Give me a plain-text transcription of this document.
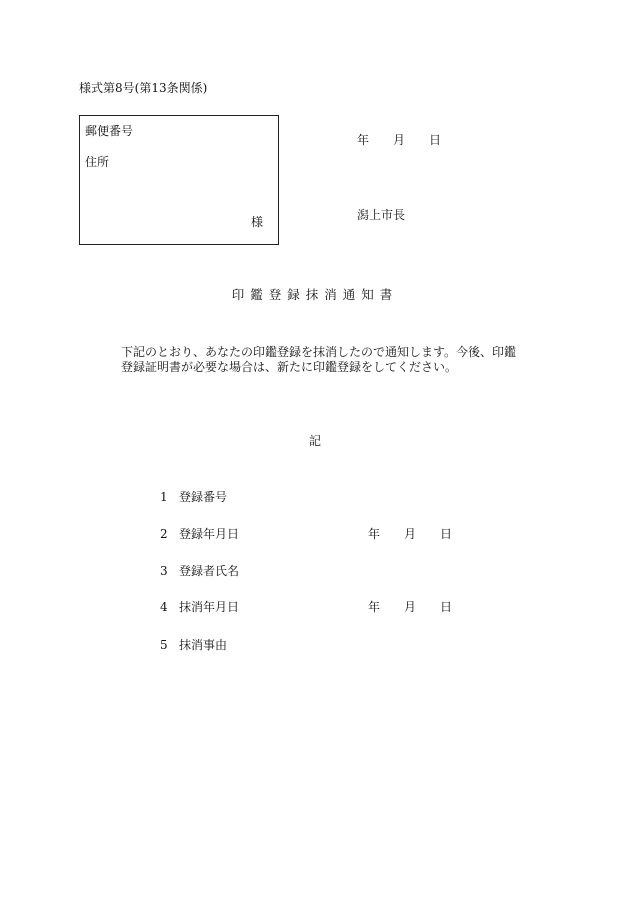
様式第8号(第13条関係)
郵便番号
住所
様
年 月 日
潟上市長
印鑑登録抹消通知書
下記のとおり、あなたの印鑑登録を抹消したので通知します。今後、印鑑
登録証明書が必要な場合は、新たに印鑑登録をしてください。
記
1 登録番号
2 登録年月日	年 月 日
3 登録者氏名
4 抹消年月日	年 月 日
5 抹消事由
